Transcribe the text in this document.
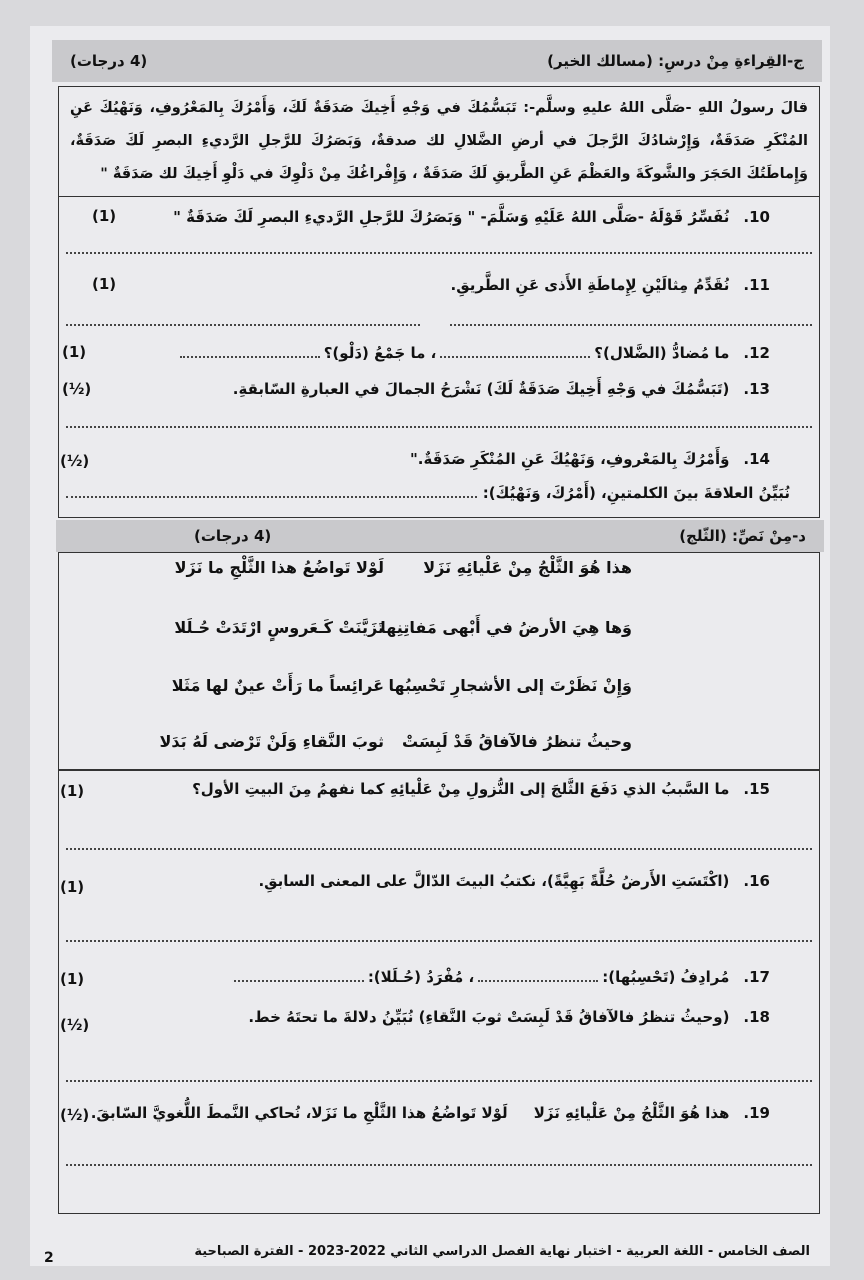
ج-القِراءةِ مِنْ درسِ: (مسالك الخير)
(4 درجات)
قالَ رسولُ اللهِ -صَلَّى اللهُ عليهِ وسلَّم-: تَبَسُّمُكَ في وَجْهِ أَخِيكَ صَدَقَةٌ لَكَ، وَأَمْرُكَ بِالمَعْرُوفِ، وَنَهْيُكَ عَنِ المُنْكَرِ صَدَقَةٌ، وَإِرْشادُكَ الرَّجلَ في أرضِ الضَّلالِ لك صدقةٌ، وَبَصَرُكَ للرَّجلِ الرَّديءِ البصرِ لَكَ صَدَقَةٌ، وَإِماطَتُكَ الحَجَرَ والشَّوكَةَ والعَظْمَ عَنِ الطَّريقِ لَكَ صَدَقَةٌ ، وَإِفْراغُكَ مِنْ دَلْوِكَ في دَلْوِ أَخِيكَ لك صَدَقَةٌ "
10.
نُفَسِّرُ قَوْلَهُ -صَلَّى اللهُ عَلَيْهِ وَسَلَّمَ- " وَبَصَرُكَ للرَّجلِ الرَّديءِ البصرِ لَكَ صَدَقَةٌ "
(1)
11.
نُقَدِّمُ مِثالَيْنِ لِإِماطَةِ الأَذى عَنِ الطَّريقِ.
(1)
12.
ما مُضادُّ (الضَّلال)؟
، ما جَمْعُ (دَلْو)؟
(1)
13.
(تَبَسُّمُكَ في وَجْهِ أَخِيكَ صَدَقَةٌ لَكَ) نَشْرَحُ الجمالَ في العبارةِ السّابقةِ.
(½)
14.
وَأَمْرُكَ بِالمَعْروفِ، وَنَهْيُكَ عَنِ المُنْكَرِ صَدَقَةٌ."
(½)
نُبَيِّنُ العلاقةَ بينَ الكلمتينِ، (أَمْرُكَ، وَنَهْيُكَ):
د-مِنْ نَصِّ: (الثّلج)
(4 درجات)
هذا هُوَ الثَّلْجُ مِنْ عَلْيائِهِ نَزَلا
لَوْلا تَواضُعُ هذا الثَّلْجِ ما نَزَلا
وَها هِيَ الأرضُ في أَبْهى مَفاتِنِها
تَزَيَّنَتْ كَـعَروسٍ ارْتَدَتْ حُـلَلا
وَإِنْ نَظَرْتَ إلى الأشجارِ تَحْسِبُها
عَرائِساً ما رَأَتْ عينٌ لها مَثَلا
وحيثُ تنظرُ فالآفاقُ قَدْ لَبِسَتْ
ثوبَ النَّقاءِ وَلَنْ تَرْضى لَهُ بَدَلا
15.
ما السَّببُ الذي دَفَعَ الثَّلجَ إلى النُّزولِ مِنْ عَلْيائِهِ كما نفهمُ مِنَ البيتِ الأول؟
(1)
16.
(اكْتَسَتِ الأَرضُ حُلَّةً بَهِيَّةً)، نكتبُ البيتَ الدّالَّ على المعنى السابقِ.
(1)
17.
مُرادِفُ (تَحْسِبُها):
، مُفْرَدُ (حُـلَلا):
(1)
18.
(وحيثُ تنظرُ فالآفاقُ قَدْ لَبِسَتْ ثوبَ النَّقاءِ) نُبَيِّنُ دلالةَ ما تحتَهُ خط.
(½)
19.
هذا هُوَ الثَّلْجُ مِنْ عَلْيائِهِ نَزَلا
لَوْلا تَواضُعُ هذا الثَّلْجِ ما نَزَلا، نُحاكي النَّمطَ اللُّغويَّ السّابقَ.
(½)
الصف الخامس - اللغة العربية - اختبار نهاية الفصل الدراسي الثاني 2022-2023 - الفترة الصباحية
2
